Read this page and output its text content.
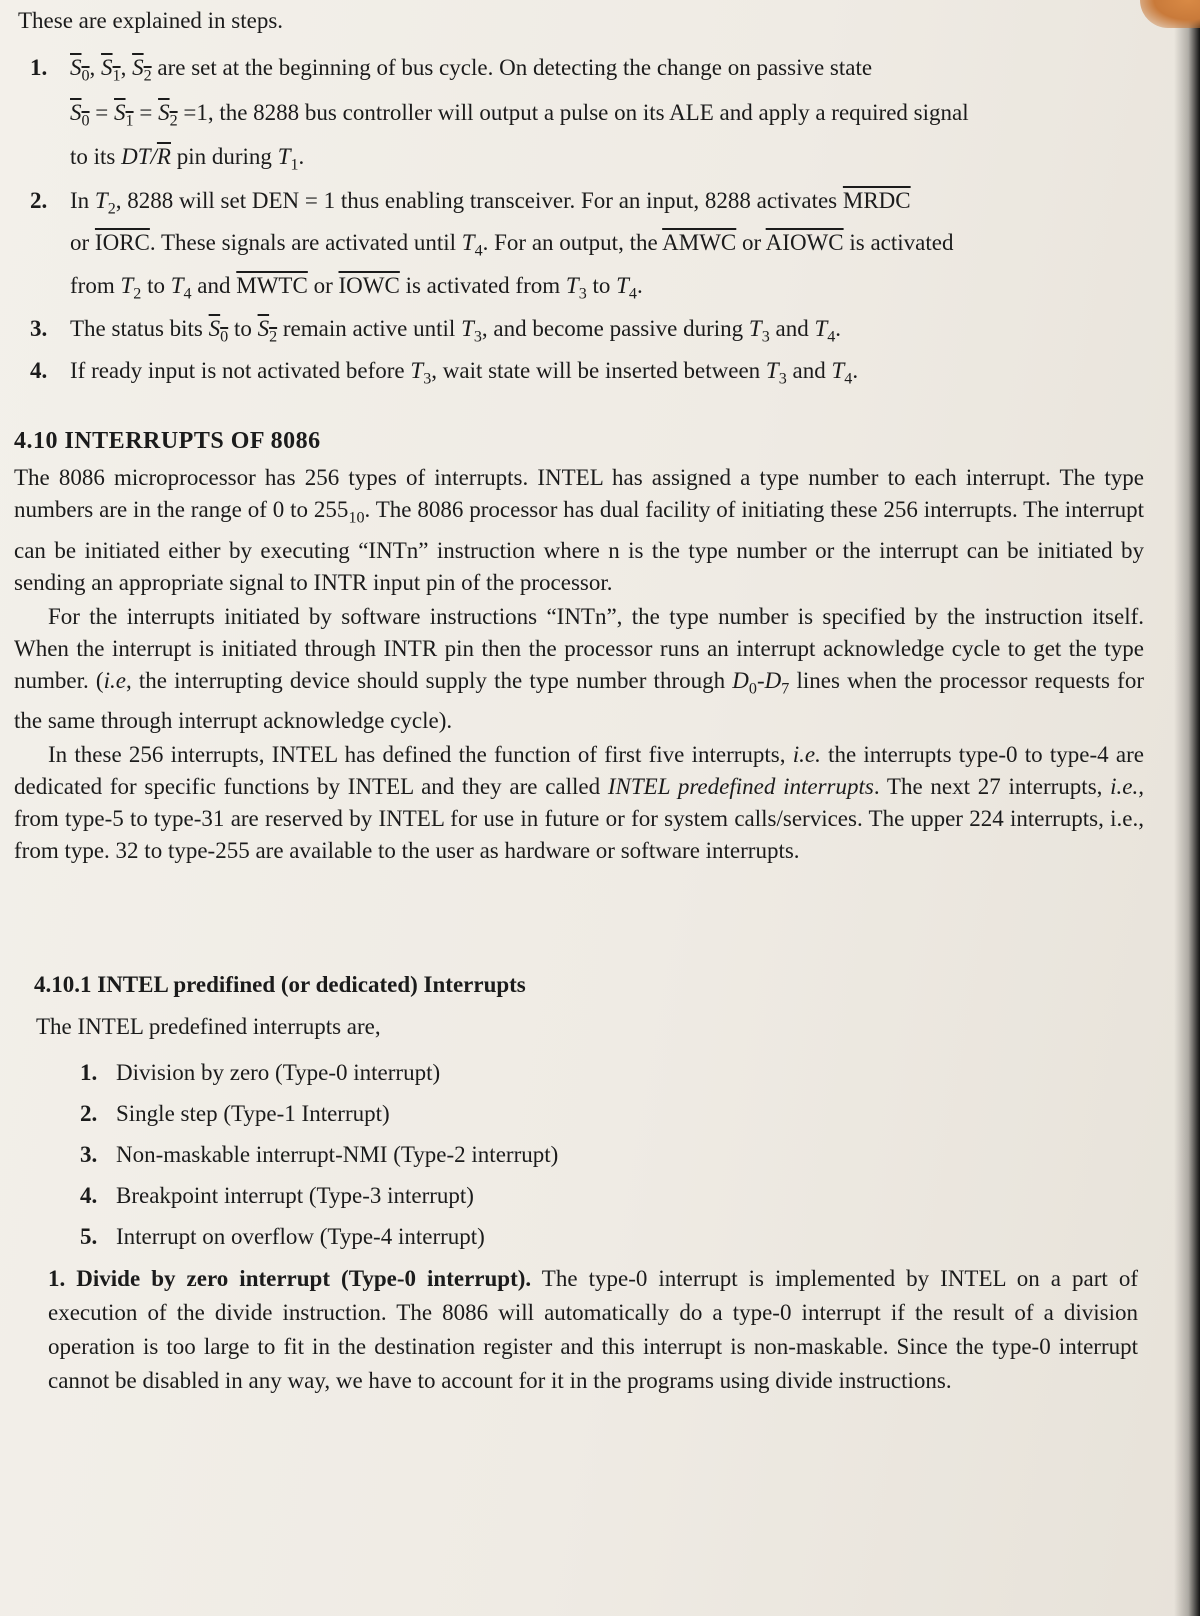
These are explained in steps.

1. $S_0$, $S_1$, $S_2$ are set at the beginning of bus cycle. On detecting the change on passive state
$S_0 = S_1 = S_2 =1$, the 8288 bus controller will output a pulse on its ALE and apply a required signal
to its $DT/\overline{R}$ pin during $T_1$.
2. In $T_2$, 8288 will set DEN = 1 thus enabling transceiver. For an input, 8288 activates MRDC
or IORC. These signals are activated until $T_4$. For an output, the AMWC or AIOWC is activated
from $T_2$ to $T_4$ and MWTC or IOWC is activated from $T_3$ to $T_4$.
3. The status bits $S_0$ to $S_2$ remain active until $T_3$, and become passive during $T_3$ and $T_4$.
4. If ready input is not activated before $T_3$, wait state will be inserted between $T_3$ and $T_4$.
4.10 INTERRUPTS OF 8086

The 8086 microprocessor has 256 types of interrupts. INTEL has assigned a type number to each interrupt. The type numbers are in the range of 0 to $255_{10}$. The 8086 processor has dual facility of initiating these 256 interrupts. The interrupt can be initiated either by executing “INTn” instruction where n is the type number or the interrupt can be initiated by sending an appropriate signal to INTR input pin of the processor.

For the interrupts initiated by software instructions “INTn”, the type number is specified by the instruction itself. When the interrupt is initiated through INTR pin then the processor runs an interrupt acknowledge cycle to get the type number. (i.e, the interrupting device should supply the type number through $D_0-D_7$ lines when the processor requests for the same through interrupt acknowledge cycle).

In these 256 interrupts, INTEL has defined the function of first five interrupts, i.e. the interrupts type-0 to type-4 are dedicated for specific functions by INTEL and they are called INTEL predefined interrupts. The next 27 interrupts, i.e., from type-5 to type-31 are reserved by INTEL for use in future or for system calls/services. The upper 224 interrupts, i.e., from type. 32 to type-255 are available to the user as hardware or software interrupts.

4.10.1 INTEL predifined (or dedicated) Interrupts

The INTEL predefined interrupts are,

1. Division by zero (Type-0 interrupt)
2. Single step (Type-1 Interrupt)
3. Non-maskable interrupt-NMI (Type-2 interrupt)
4. Breakpoint interrupt (Type-3 interrupt)
5. Interrupt on overflow (Type-4 interrupt)

1. Divide by zero interrupt (Type-0 interrupt). The type-0 interrupt is implemented by INTEL on a part of execution of the divide instruction. The 8086 will automatically do a type-0 interrupt if the result of a division operation is too large to fit in the destination register and this interrupt is non-maskable. Since the type-0 interrupt cannot be disabled in any way, we have to account for it in the programs using divide instructions.
